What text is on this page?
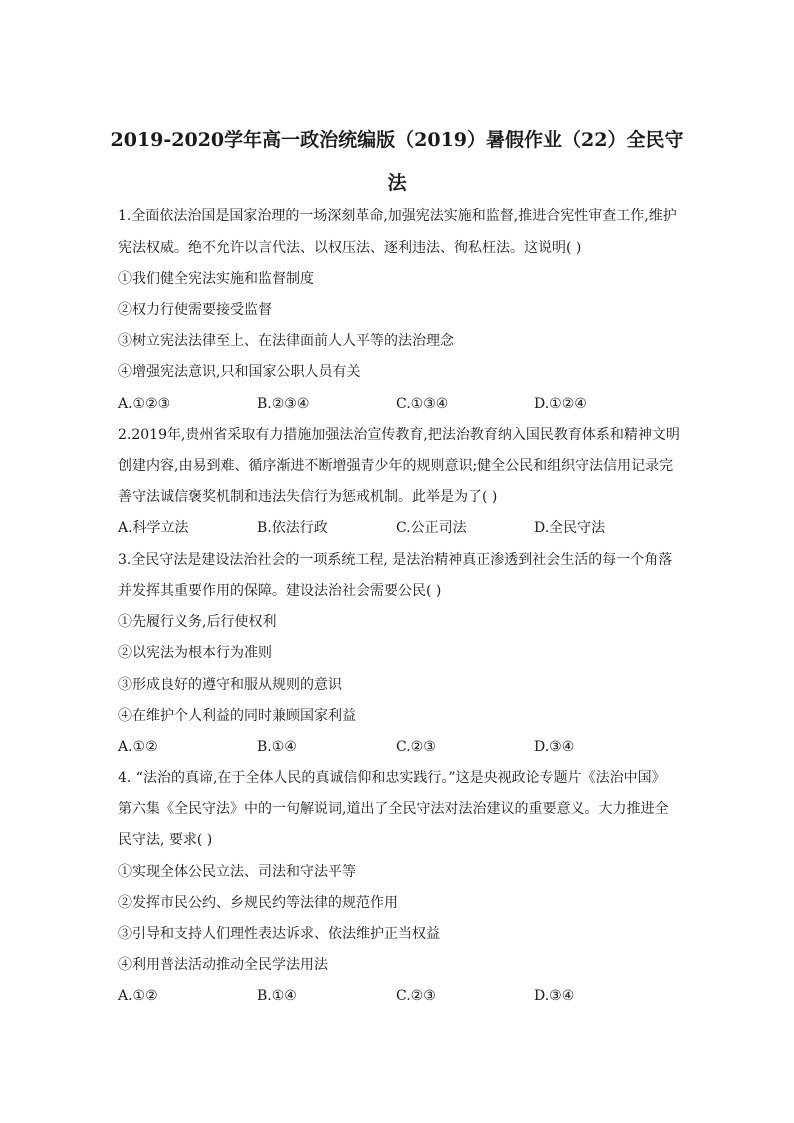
2019-2020学年高一政治统编版（2019）暑假作业（22）全民守
法
1.全面依法治国是国家治理的一场深刻革命,加强宪法实施和监督,推进合宪性审查工作,维护
宪法权威。绝不允许以言代法、以权压法、逐利违法、徇私枉法。这说明( )
①我们健全宪法实施和监督制度
②权力行使需要接受监督
③树立宪法法律至上、在法律面前人人平等的法治理念
④增强宪法意识,只和国家公职人员有关
A.①②③	B.②③④	C.①③④	D.①②④
2.2019年,贵州省采取有力措施加强法治宣传教育,把法治教育纳入国民教育体系和精神文明
创建内容,由易到难、循序渐进不断增强青少年的规则意识;健全公民和组织守法信用记录完
善守法诚信褒奖机制和违法失信行为惩戒机制。此举是为了( )
A.科学立法	B.依法行政	C.公正司法	D.全民守法
3.全民守法是建设法治社会的一项系统工程, 是法治精神真正渗透到社会生活的每一个角落
并发挥其重要作用的保障。建设法治社会需要公民( )
①先履行义务,后行使权利
②以宪法为根本行为准则
③形成良好的遵守和服从规则的意识
④在维护个人利益的同时兼顾国家利益
A.①②	B.①④	C.②③	D.③④
4. “法治的真谛,在于全体人民的真诚信仰和忠实践行。”这是央视政论专题片《法治中国》
第六集《全民守法》中的一句解说词,道出了全民守法对法治建议的重要意义。大力推进全
民守法, 要求( )
①实现全体公民立法、司法和守法平等
②发挥市民公约、乡规民约等法律的规范作用
③引导和支持人们理性表达诉求、依法维护正当权益
④利用普法活动推动全民学法用法
A.①②	B.①④	C.②③	D.③④
